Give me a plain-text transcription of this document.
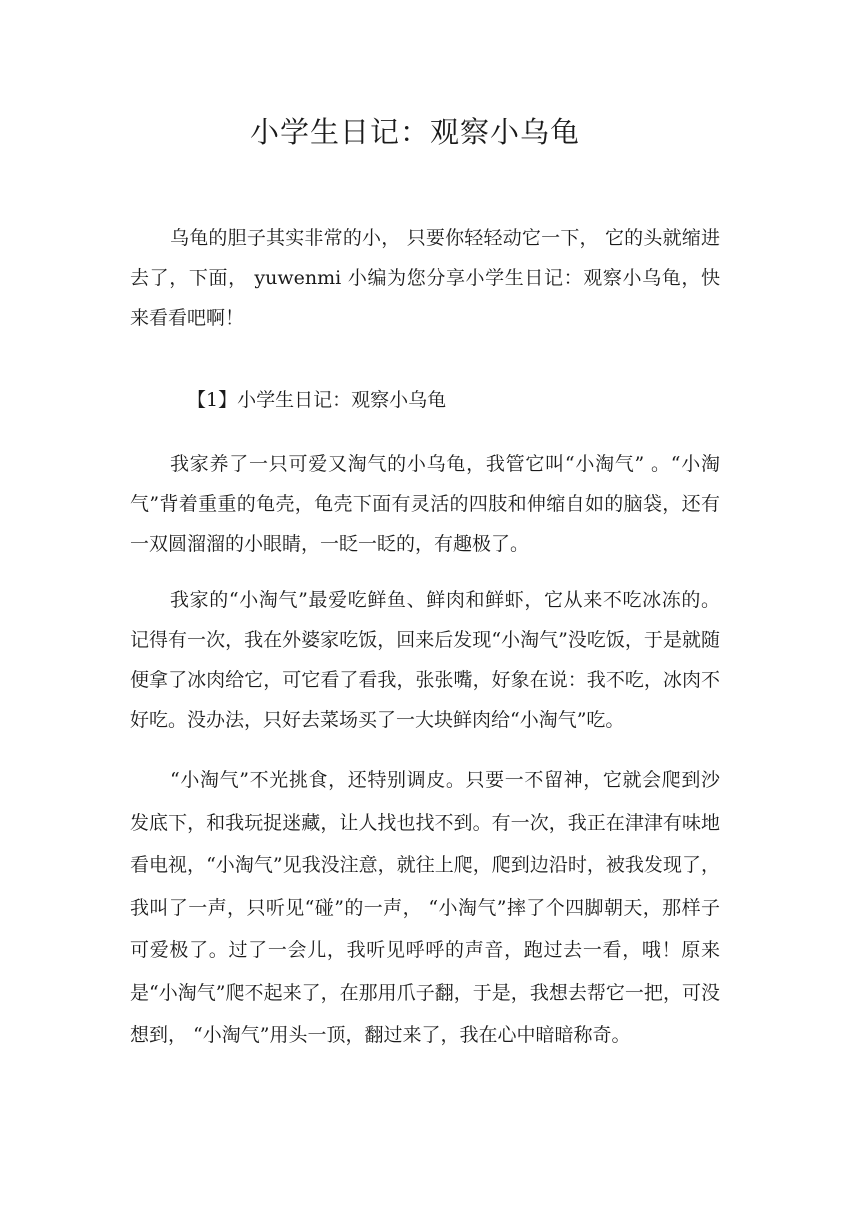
小学生日记：观察小乌龟

乌龟的胆子其实非常的小， 只要你轻轻动它一下， 它的头就缩进去了，下面， yuwenmi 小编为您分享小学生日记：观察小乌龟，快来看看吧啊！

【1】小学生日记：观察小乌龟

我家养了一只可爱又淘气的小乌龟，我管它叫“小淘气” 。“小淘气”背着重重的龟壳，龟壳下面有灵活的四肢和伸缩自如的脑袋，还有一双圆溜溜的小眼睛，一眨一眨的，有趣极了。

我家的“小淘气”最爱吃鲜鱼、鲜肉和鲜虾，它从来不吃冰冻的。记得有一次，我在外婆家吃饭，回来后发现“小淘气”没吃饭，于是就随便拿了冰肉给它，可它看了看我，张张嘴，好象在说：我不吃，冰肉不好吃。没办法，只好去菜场买了一大块鲜肉给“小淘气”吃。

“小淘气”不光挑食，还特别调皮。只要一不留神，它就会爬到沙发底下，和我玩捉迷藏，让人找也找不到。有一次，我正在津津有味地看电视，“小淘气”见我没注意，就往上爬，爬到边沿时，被我发现了，我叫了一声，只听见“碰”的一声， “小淘气”摔了个四脚朝天，那样子可爱极了。过了一会儿，我听见呼呼的声音，跑过去一看，哦！原来是“小淘气”爬不起来了，在那用爪子翻，于是，我想去帮它一把，可没想到， “小淘气”用头一顶，翻过来了，我在心中暗暗称奇。
